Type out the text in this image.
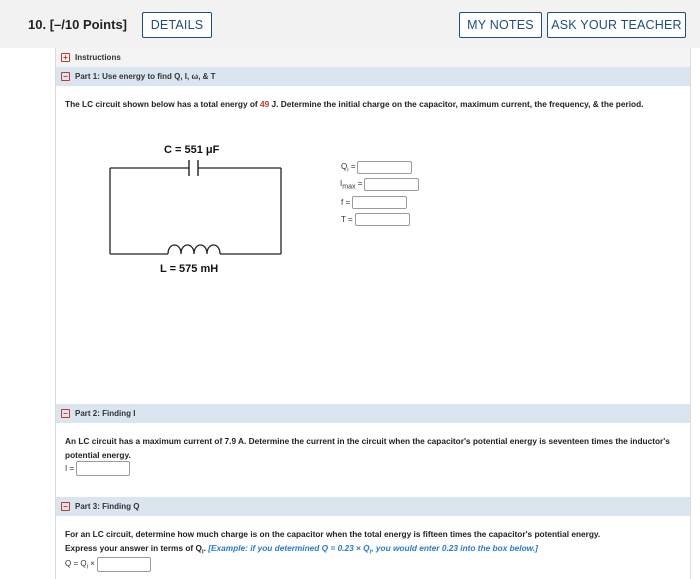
10. [–/10 Points]	DETAILS	MY NOTES	ASK YOUR TEACHER
+ Instructions
− Part 1: Use energy to find Q, I, ω, & T
The LC circuit shown below has a total energy of 49 J. Determine the initial charge on the capacitor, maximum current, the frequency, & the period.
C = 551 μF
L = 575 mH
$Q_i$ =
$I_{max}$ =
f =
T =
− Part 2: Finding I
An LC circuit has a maximum current of 7.9 A. Determine the current in the circuit when the capacitor's potential energy is seventeen times the inductor's potential energy.
I =
− Part 3: Finding Q
For an LC circuit, determine how much charge is on the capacitor when the total energy is fifteen times the capacitor's potential energy.
Express your answer in terms of $Q_i$. [Example: if you determined $Q = 0.23 \times Q_i$, you would enter 0.23 into the box below.]
$Q = Q_i$ ×
